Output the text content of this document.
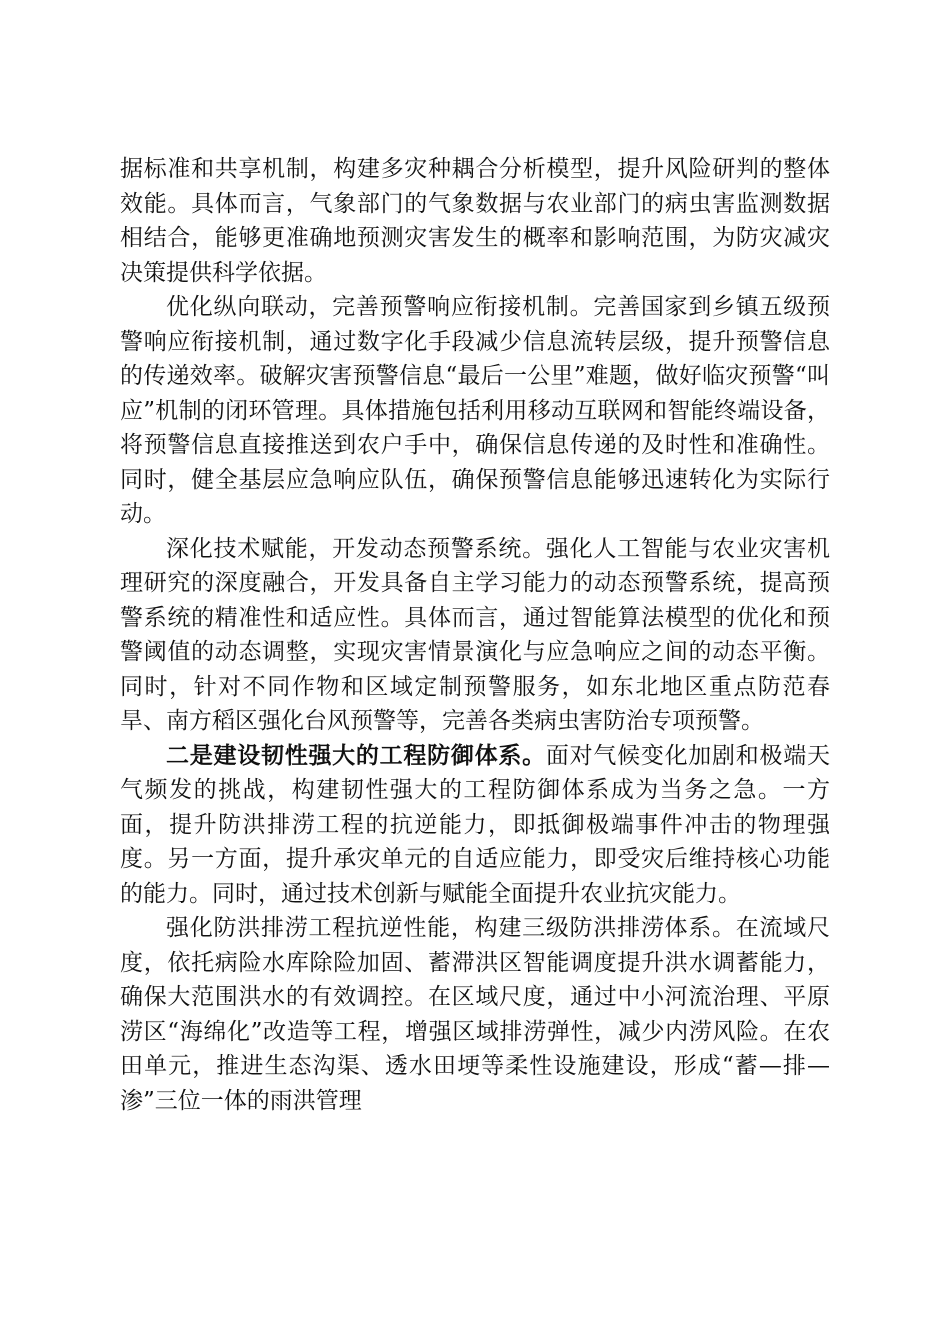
据标准和共享机制，构建多灾种耦合分析模型，提升风险研判的整体效能。具体而言，气象部门的气象数据与农业部门的病虫害监测数据相结合，能够更准确地预测灾害发生的概率和影响范围，为防灾减灾决策提供科学依据。

优化纵向联动，完善预警响应衔接机制。完善国家到乡镇五级预警响应衔接机制，通过数字化手段减少信息流转层级，提升预警信息的传递效率。破解灾害预警信息“最后一公里”难题，做好临灾预警“叫应”机制的闭环管理。具体措施包括利用移动互联网和智能终端设备，将预警信息直接推送到农户手中，确保信息传递的及时性和准确性。同时，健全基层应急响应队伍，确保预警信息能够迅速转化为实际行动。

深化技术赋能，开发动态预警系统。强化人工智能与农业灾害机理研究的深度融合，开发具备自主学习能力的动态预警系统，提高预警系统的精准性和适应性。具体而言，通过智能算法模型的优化和预警阈值的动态调整，实现灾害情景演化与应急响应之间的动态平衡。同时，针对不同作物和区域定制预警服务，如东北地区重点防范春旱、南方稻区强化台风预警等，完善各类病虫害防治专项预警。

二是建设韧性强大的工程防御体系。面对气候变化加剧和极端天气频发的挑战，构建韧性强大的工程防御体系成为当务之急。一方面，提升防洪排涝工程的抗逆能力，即抵御极端事件冲击的物理强度。另一方面，提升承灾单元的自适应能力，即受灾后维持核心功能的能力。同时，通过技术创新与赋能全面提升农业抗灾能力。

强化防洪排涝工程抗逆性能，构建三级防洪排涝体系。在流域尺度，依托病险水库除险加固、蓄滞洪区智能调度提升洪水调蓄能力，确保大范围洪水的有效调控。在区域尺度，通过中小河流治理、平原涝区“海绵化”改造等工程，增强区域排涝弹性，减少内涝风险。在农田单元，推进生态沟渠、透水田埂等柔性设施建设，形成“蓄—排—渗”三位一体的雨洪管理
